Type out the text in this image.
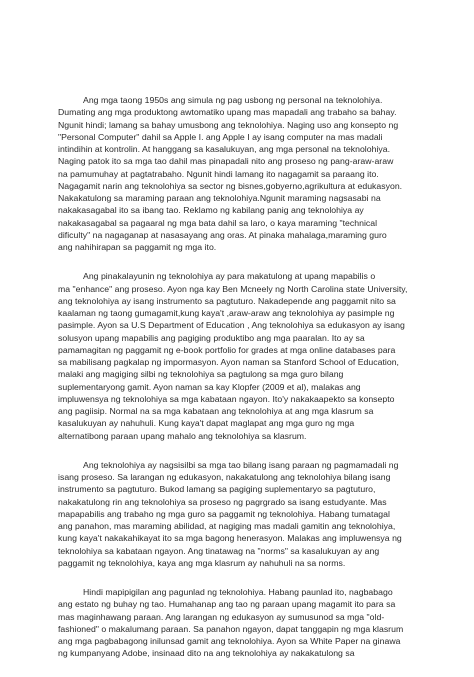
Ang mga taong 1950s ang simula ng pag usbong ng personal na teknolohiya.
Dumating ang mga produktong awtomatiko upang mas mapadali ang trabaho sa bahay.
Ngunit hindi; lamang sa bahay umusbong ang teknolohiya. Naging uso ang konsepto ng
"Personal Computer" dahil sa Apple I. ang Apple I ay isang computer na mas madali
intindihin at kontrolin. At hanggang sa kasalukuyan, ang mga personal na teknolohiya.
Naging patok ito sa mga tao dahil mas pinapadali nito ang proseso ng pang-araw-araw
na pamumuhay at pagtatrabaho. Ngunit hindi lamang ito nagagamit sa paraang ito.
Nagagamit narin ang teknolohiya sa sector ng bisnes,gobyerno,agrikultura at edukasyon.
Nakakatulong sa maraming paraan ang teknolohiya.Ngunit maraming nagsasabi na
nakakasagabal ito sa ibang tao. Reklamo ng kabilang panig ang teknolohiya ay
nakakasagabal sa pagaaral ng mga bata dahil sa laro, o kaya maraming "technical
dificulty" na nagaganap at nasasayang ang oras. At pinaka mahalaga,maraming guro
ang nahihirapan sa paggamit ng mga ito.

Ang pinakalayunin ng teknolohiya ay para makatulong at upang mapabilis o
ma "enhance" ang proseso. Ayon nga kay Ben Mcneely ng North Carolina state University,
ang teknolohiya ay isang instrumento sa pagtuturo. Nakadepende ang paggamit nito sa
kaalaman ng taong gumagamit,kung kaya't ,araw-araw ang teknolohiya ay pasimple ng
pasimple. Ayon sa U.S Department of Education , Ang teknolohiya sa edukasyon ay isang
solusyon upang mapabilis ang pagiging produktibo ang mga paaralan. Ito ay sa
pamamagitan ng paggamit ng e-book portfolio for grades at mga online databases para
sa mabilisang pagkalap ng impormasyon. Ayon naman sa Stanford School of Education,
malaki ang magiging silbi ng teknolohiya sa pagtulong sa mga guro bilang
suplementaryong gamit. Ayon naman sa kay Klopfer (2009 et al), malakas ang
impluwensya ng teknolohiya sa mga kabataan ngayon. Ito'y nakakaapekto sa konsepto
ang pagiisip. Normal na sa mga kabataan ang teknolohiya at ang mga klasrum sa
kasalukuyan ay nahuhuli. Kung kaya't dapat maglapat ang mga guro ng mga
alternatibong paraan upang mahalo ang teknolohiya sa klasrum.

Ang teknolohiya ay nagsisilbi sa mga tao bilang isang paraan ng pagmamadali ng
isang proseso. Sa larangan ng edukasyon, nakakatulong ang teknolohiya bilang isang
instrumento sa pagtuturo. Bukod lamang sa pagiging suplementaryo sa pagtuturo,
nakakatulong rin ang teknolohiya sa proseso ng pagrgrado sa isang estudyante. Mas
mapapabilis ang trabaho ng mga guro sa paggamit ng teknolohiya. Habang tumatagal
ang panahon, mas maraming abilidad, at nagiging mas madali gamitin ang teknolohiya,
kung kaya't nakakahikayat ito sa mga bagong henerasyon. Malakas ang impluwensya ng
teknolohiya sa kabataan ngayon. Ang tinatawag na "norms" sa kasalukuyan ay ang
paggamit ng teknolohiya, kaya ang mga klasrum ay nahuhuli na sa norms.

Hindi mapipigilan ang pagunlad ng teknolohiya. Habang paunlad ito, nagbabago
ang estato ng buhay ng tao. Humahanap ang tao ng paraan upang magamit ito para sa
mas maginhawang paraan. Ang larangan ng edukasyon ay sumusunod sa mga "old-
fashioned" o makalumang paraan. Sa panahon ngayon, dapat tanggapin ng mga klasrum
ang mga pagbabagong inilunsad gamit ang teknolohiya. Ayon sa White Paper na ginawa
ng kumpanyang Adobe, insinaad dito na ang teknolohiya ay nakakatulong sa
